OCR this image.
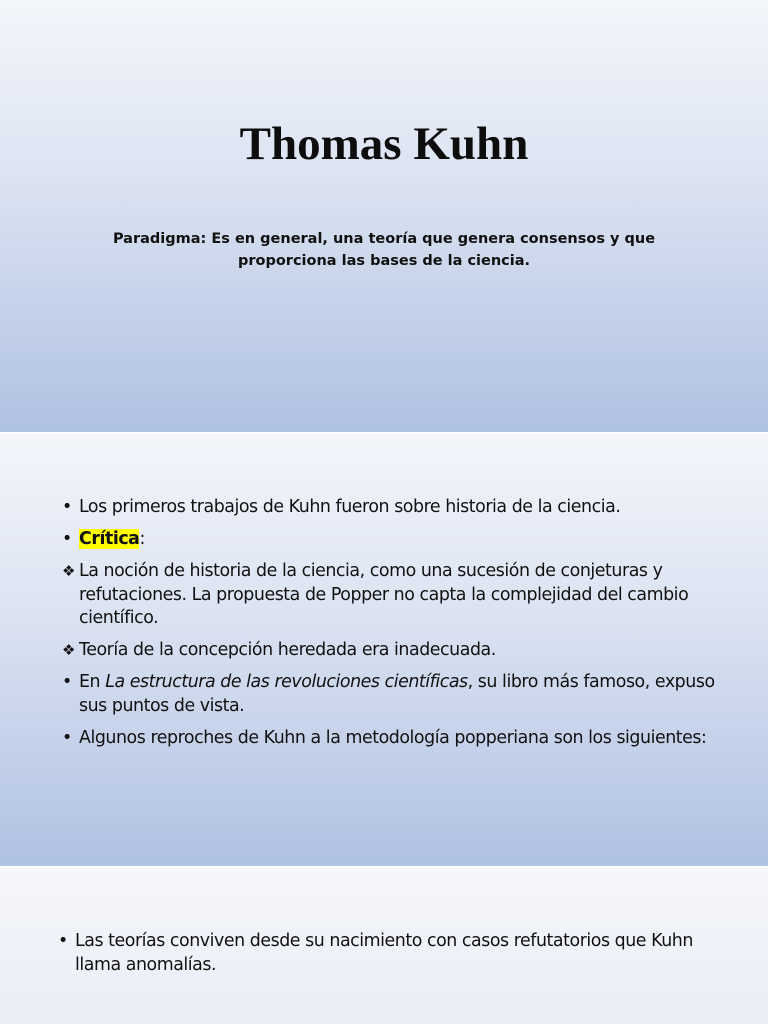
Thomas Kuhn

Paradigma: Es en general, una teoría que genera consensos y que proporciona las bases de la ciencia.

• Los primeros trabajos de Kuhn fueron sobre historia de la ciencia.
• Crítica:
❖ La noción de historia de la ciencia, como una sucesión de conjeturas y refutaciones. La propuesta de Popper no capta la complejidad del cambio científico.
❖ Teoría de la concepción heredada era inadecuada.
• En La estructura de las revoluciones científicas, su libro más famoso, expuso sus puntos de vista.
• Algunos reproches de Kuhn a la metodología popperiana son los siguientes:
• Las teorías conviven desde su nacimiento con casos refutatorios que Kuhn llama anomalías.
